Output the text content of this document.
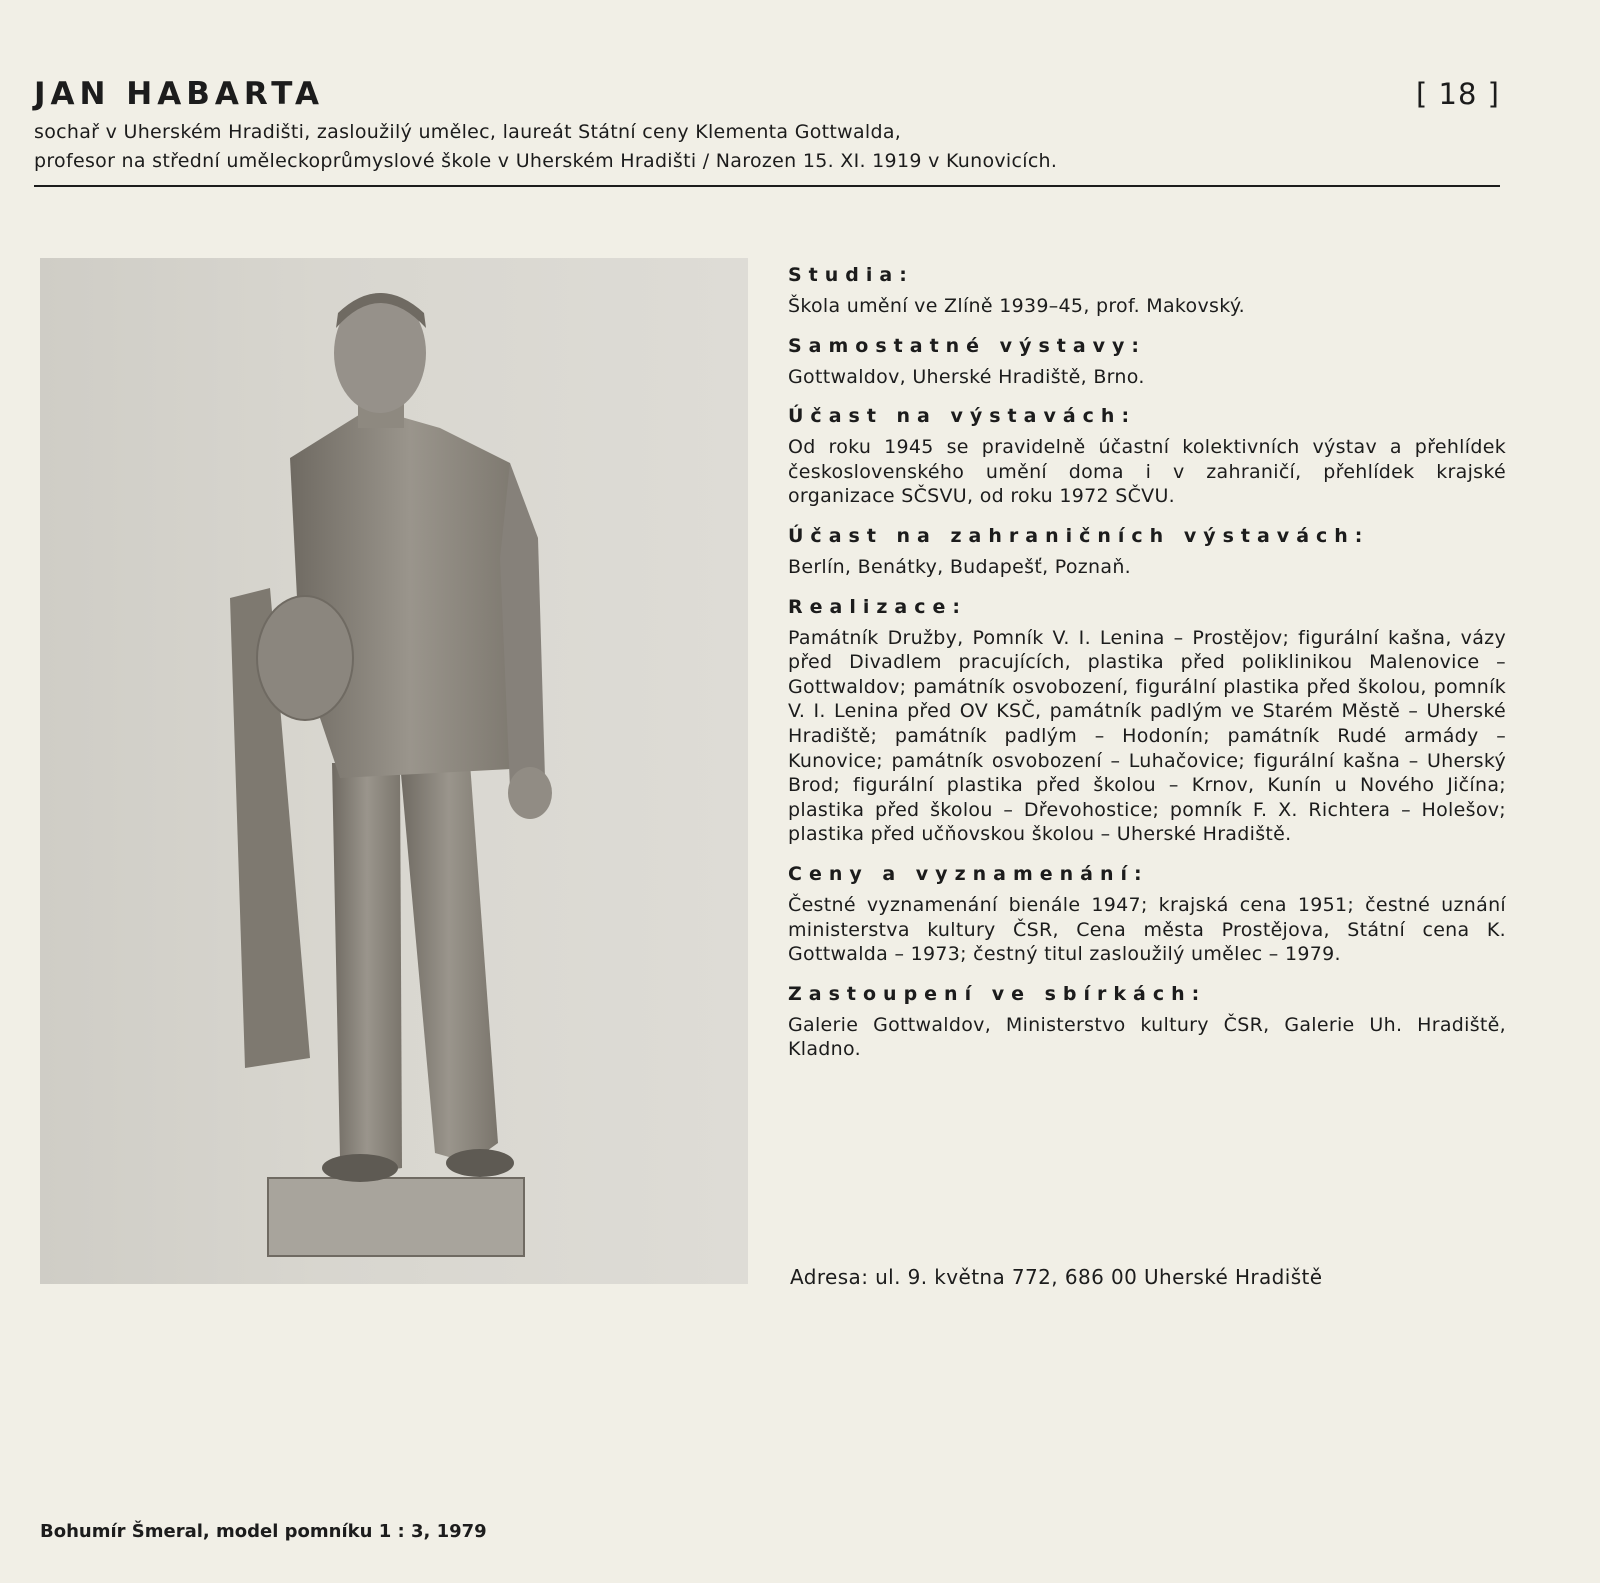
JAN HABARTA	[ 18 ]
sochař v Uherském Hradišti, zasloužilý umělec, laureát Státní ceny Klementa Gottwalda,
profesor na střední uměleckoprůmyslové škole v Uherském Hradišti / Narozen 15. XI. 1919 v Kunovicích.
Studia:

Škola umění ve Zlíně 1939–45, prof. Makovský.

Samostatné výstavy:

Gottwaldov, Uherské Hradiště, Brno.

Účast na výstavách:

Od roku 1945 se pravidelně účastní kolektivních výstav a přehlídek československého umění doma i v zahraničí, přehlídek krajské organizace SČSVU, od roku 1972 SČVU.

Účast na zahraničních výstavách:

Berlín, Benátky, Budapešť, Poznaň.

Realizace:

Památník Družby, Pomník V. I. Lenina – Prostějov; figurální kašna, vázy před Divadlem pracujících, plastika před poliklinikou Malenovice – Gottwaldov; památník osvobození, figurální plastika před školou, pomník V. I. Lenina před OV KSČ, památník padlým ve Starém Městě – Uherské Hradiště; památník padlým – Hodonín; památník Rudé armády – Kunovice; památník osvobození – Luhačovice; figurální kašna – Uherský Brod; figurální plastika před školou – Krnov, Kunín u Nového Jičína; plastika před školou – Dřevohostice; pomník F. X. Richtera – Holešov; plastika před učňovskou školou – Uherské Hradiště.

Ceny a vyznamenání:

Čestné vyznamenání bienále 1947; krajská cena 1951; čestné uznání ministerstva kultury ČSR, Cena města Prostějova, Státní cena K. Gottwalda – 1973; čestný titul zasloužilý umělec – 1979.

Zastoupení ve sbírkách:

Galerie Gottwaldov, Ministerstvo kultury ČSR, Galerie Uh. Hradiště, Kladno.

Adresa: ul. 9. května 772, 686 00 Uherské Hradiště
Bohumír Šmeral, model pomníku 1 : 3, 1979
